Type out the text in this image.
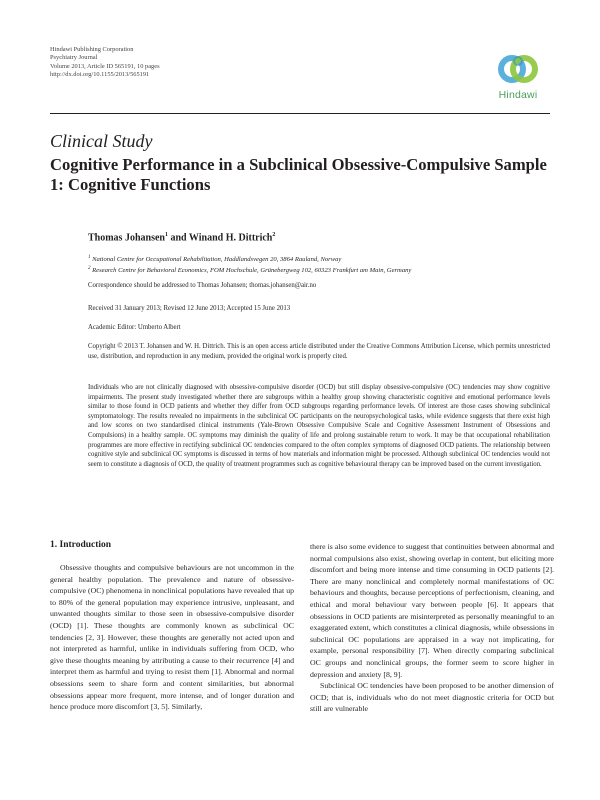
Hindawi Publishing Corporation
Psychiatry Journal
Volume 2013, Article ID 565191, 10 pages
http://dx.doi.org/10.1155/2013/565191
Hindawi
Clinical Study
Cognitive Performance in a Subclinical Obsessive-Compulsive Sample 1: Cognitive Functions
Thomas Johansen$^1$ and Winand H. Dittrich$^2$
$^1$ National Centre for Occupational Rehabilitation, Haddlandsvegen 20, 3864 Rauland, Norway
$^2$ Research Centre for Behavioral Economics, FOM Hochschule, Grünebergweg 102, 60323 Frankfurt am Main, Germany
Correspondence should be addressed to Thomas Johansen; thomas.johansen@air.no
Received 31 January 2013; Revised 12 June 2013; Accepted 15 June 2013
Academic Editor: Umberto Albert
Copyright © 2013 T. Johansen and W. H. Dittrich. This is an open access article distributed under the Creative Commons Attribution License, which permits unrestricted use, distribution, and reproduction in any medium, provided the original work is properly cited.
Individuals who are not clinically diagnosed with obsessive-compulsive disorder (OCD) but still display obsessive-compulsive (OC) tendencies may show cognitive impairments. The present study investigated whether there are subgroups within a healthy group showing characteristic cognitive and emotional performance levels similar to those found in OCD patients and whether they differ from OCD subgroups regarding performance levels. Of interest are those cases showing subclinical symptomatology. The results revealed no impairments in the subclinical OC participants on the neuropsychological tasks, while evidence suggests that there exist high and low scores on two standardised clinical instruments (Yale-Brown Obsessive Compulsive Scale and Cognitive Assessment Instrument of Obsessions and Compulsions) in a healthy sample. OC symptoms may diminish the quality of life and prolong sustainable return to work. It may be that occupational rehabilitation programmes are more effective in rectifying subclinical OC tendencies compared to the often complex symptoms of diagnosed OCD patients. The relationship between cognitive style and subclinical OC symptoms is discussed in terms of how materials and information might be processed. Although subclinical OC tendencies would not seem to constitute a diagnosis of OCD, the quality of treatment programmes such as cognitive behavioural therapy can be improved based on the current investigation.
1. Introduction

Obsessive thoughts and compulsive behaviours are not uncommon in the general healthy population. The prevalence and nature of obsessive-compulsive (OC) phenomena in nonclinical populations have revealed that up to 80% of the general population may experience intrusive, unpleasant, and unwanted thoughts similar to those seen in obsessive-compulsive disorder (OCD) [1]. These thoughts are commonly known as subclinical OC tendencies [2, 3]. However, these thoughts are generally not acted upon and not interpreted as harmful, unlike in individuals suffering from OCD, who give these thoughts meaning by attributing a cause to their recurrence [4] and interpret them as harmful and trying to resist them [1]. Abnormal and normal obsessions seem to share form and content similarities, but abnormal obsessions appear more frequent, more intense, and of longer duration and hence produce more discomfort [3, 5]. Similarly,

there is also some evidence to suggest that continuities between abnormal and normal compulsions also exist, showing overlap in content, but eliciting more discomfort and being more intense and time consuming in OCD patients [2]. There are many nonclinical and completely normal manifestations of OC behaviours and thoughts, because perceptions of perfectionism, cleaning, and ethical and moral behaviour vary between people [6]. It appears that obsessions in OCD patients are misinterpreted as personally meaningful to an exaggerated extent, which constitutes a clinical diagnosis, while obsessions in subclinical OC populations are appraised in a way not implicating, for example, personal responsibility [7]. When directly comparing subclinical OC groups and nonclinical groups, the former seem to score higher in depression and anxiety [8, 9].

Subclinical OC tendencies have been proposed to be another dimension of OCD; that is, individuals who do not meet diagnostic criteria for OCD but still are vulnerable
